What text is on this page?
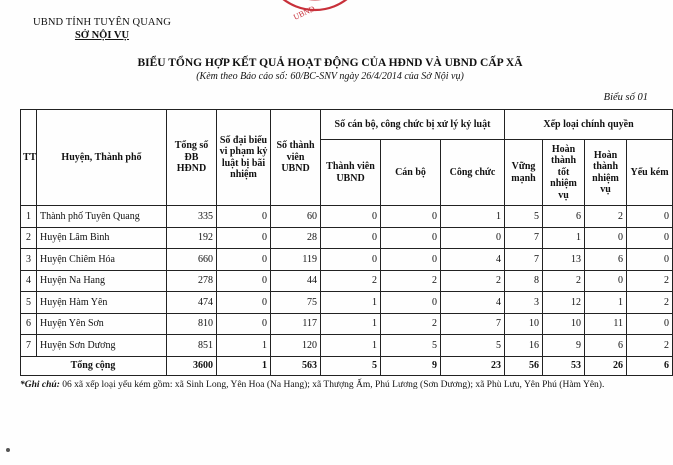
UBND TỈNH TUYÊN QUANG
SỞ NỘI VỤ
UBND
BIỂU TỔNG HỢP KẾT QUẢ HOẠT ĐỘNG CỦA HĐND VÀ UBND CẤP XÃ
(Kèm theo Báo cáo số: 60/BC-SNV ngày 26/4/2014 của Sở Nội vụ)
Biểu số 01
TT	Huyện, Thành phố	Tổng số ĐB HĐND	Số đại biểu vi phạm kỷ luật bị bãi nhiệm	Số thành viên UBND	Số cán bộ, công chức bị xử lý kỷ luật			Xếp loại chính quyền			
					Thành viên UBND	Cán bộ	Công chức	Vững mạnh	Hoàn thành tốt nhiệm vụ	Hoàn thành nhiệm vụ	Yếu kém
1	Thành phố Tuyên Quang	335	0	60	0	0	1	5	6	2	0
2	Huyện Lâm Bình	192	0	28	0	0	0	7	1	0	0
3	Huyện Chiêm Hóa	660	0	119	0	0	4	7	13	6	0
4	Huyện Na Hang	278	0	44	2	2	2	8	2	0	2
5	Huyện Hàm Yên	474	0	75	1	0	4	3	12	1	2
6	Huyện Yên Sơn	810	0	117	1	2	7	10	10	11	0
7	Huyện Sơn Dương	851	1	120	1	5	5	16	9	6	2
Tổng cộng		3600	1	563	5	9	23	56	53	26	6
*Ghi chú: 06 xã xếp loại yếu kém gồm: xã Sinh Long, Yên Hoa (Na Hang); xã Thượng Ấm, Phú Lương (Sơn Dương); xã Phù Lưu, Yên Phú (Hàm Yên).
